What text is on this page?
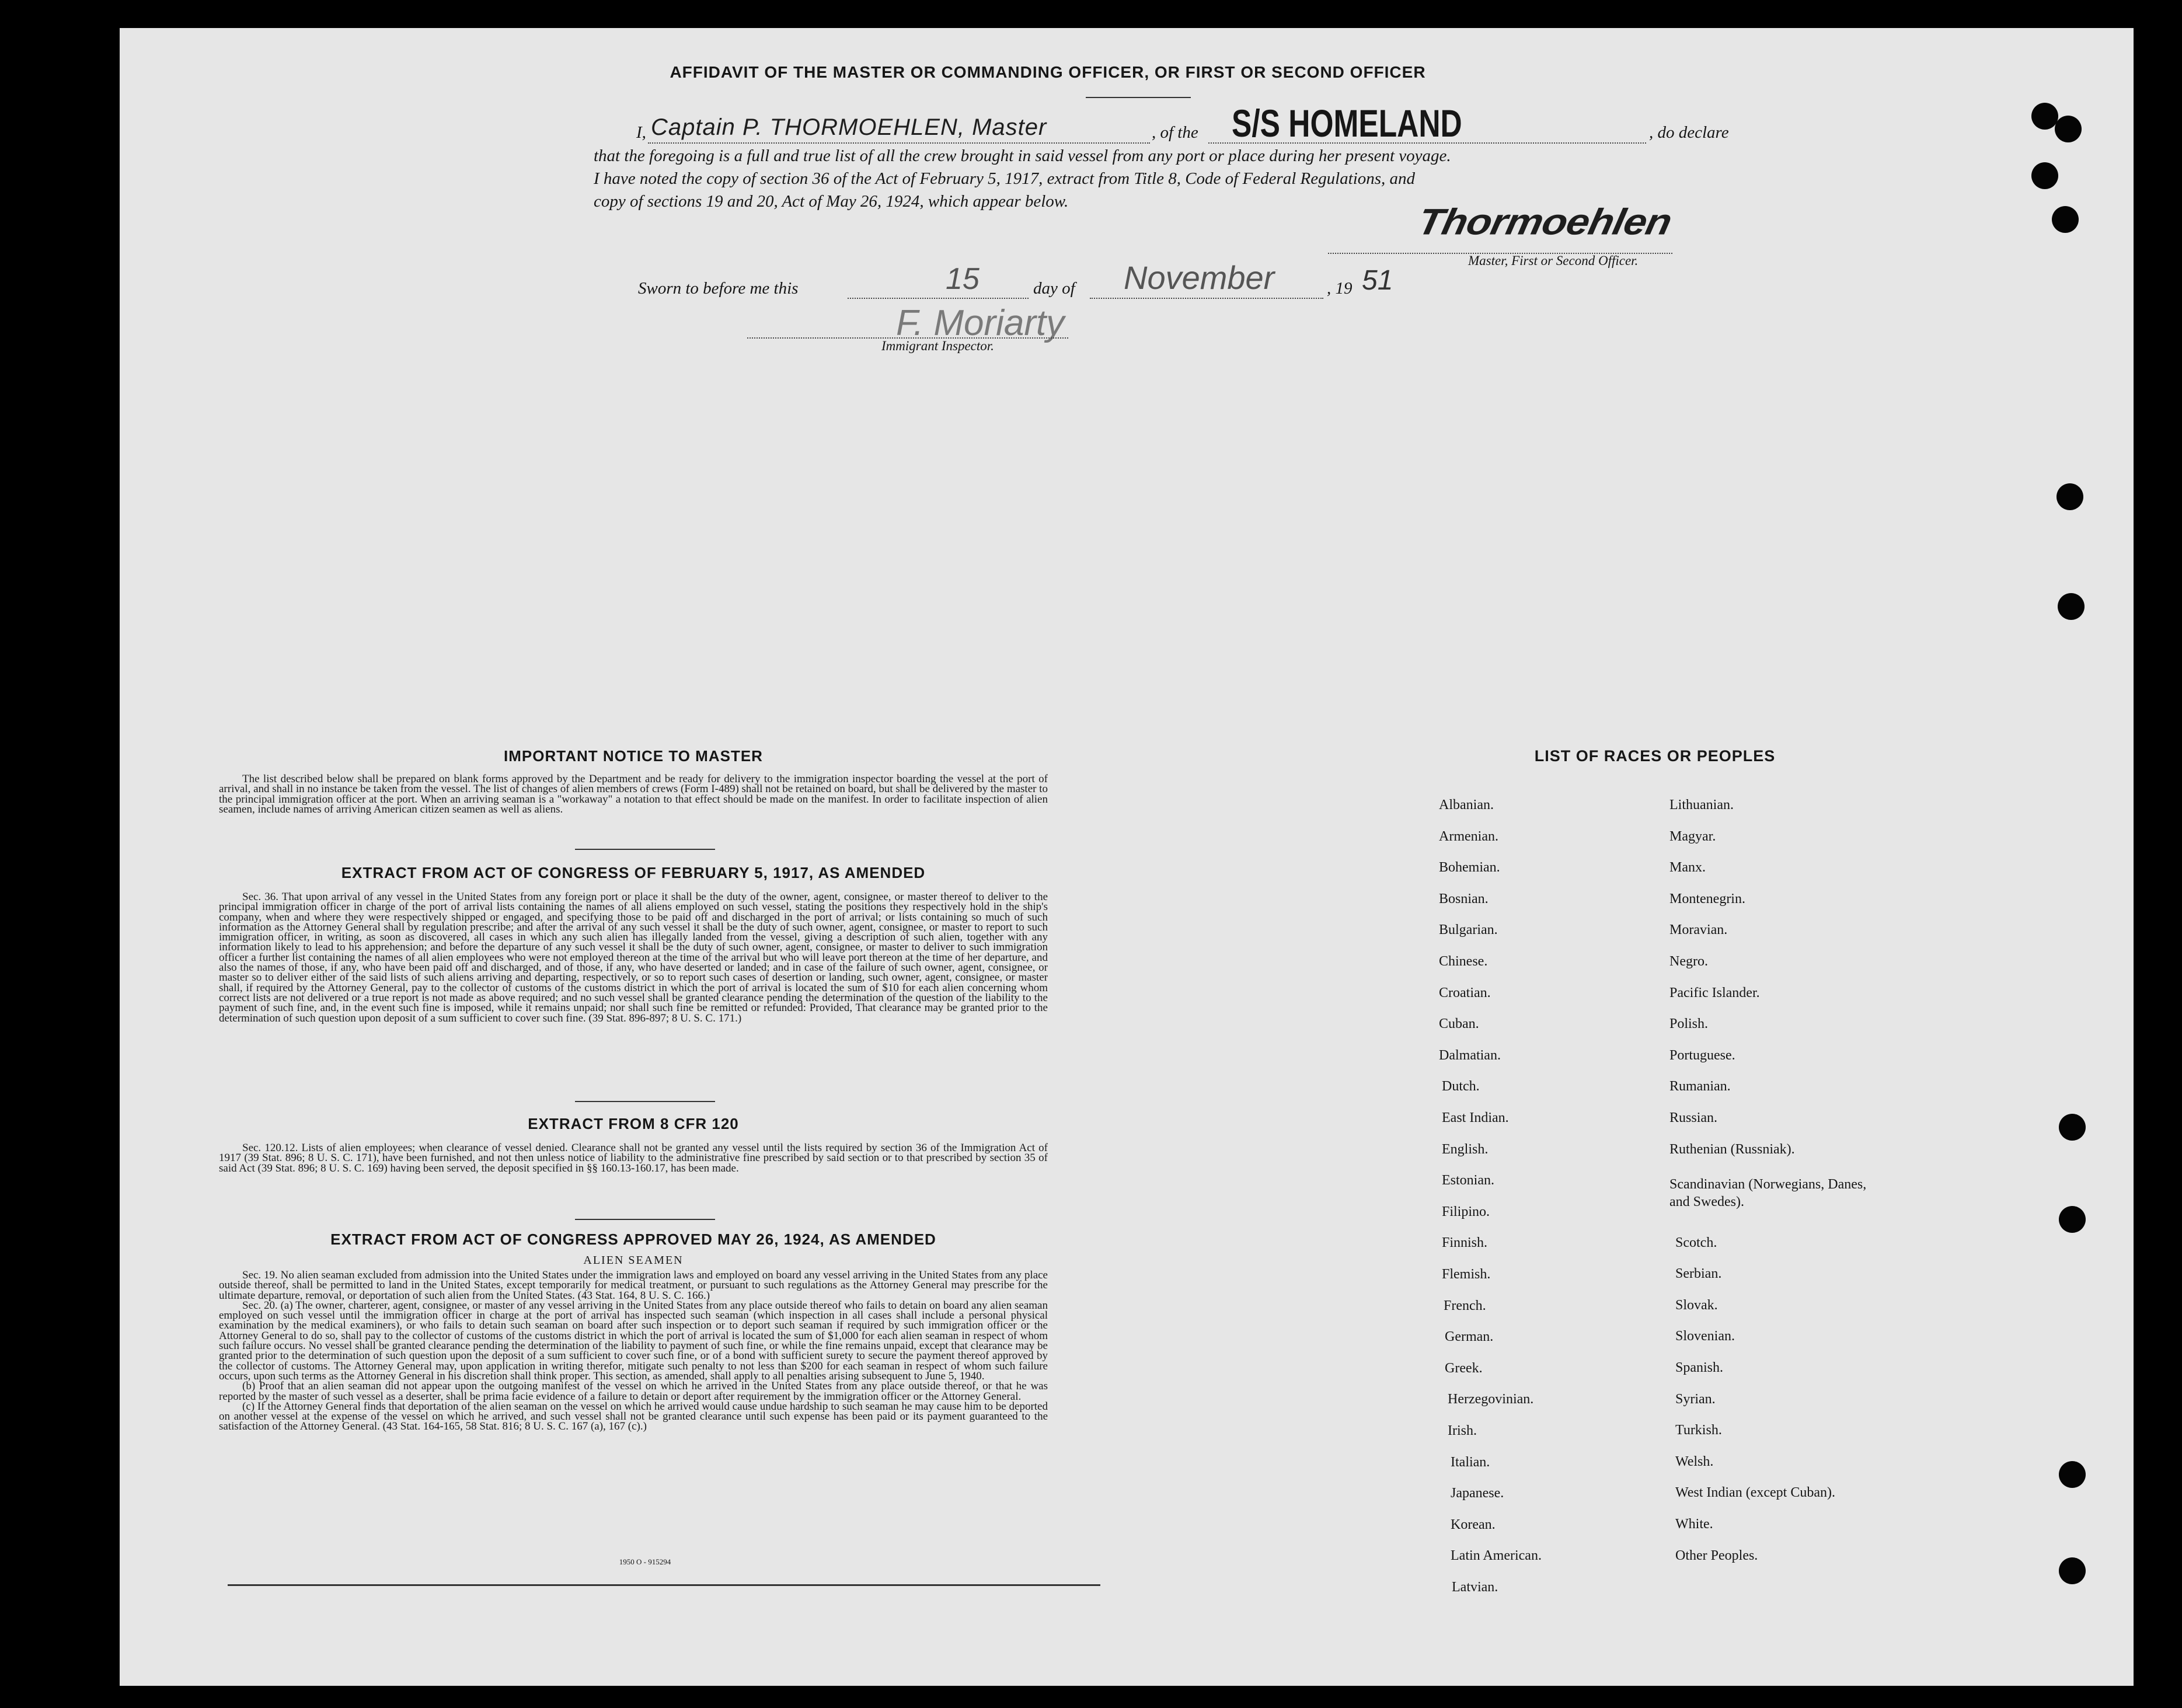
AFFIDAVIT OF THE MASTER OR COMMANDING OFFICER, OR FIRST OR SECOND OFFICER
I, Captain P. THORMOEHLEN, Master	, of the S/S HOMELAND	, do declare
that the foregoing is a full and true list of all the crew brought in said vessel from any port or place during her present voyage.
I have noted the copy of section 36 of the Act of February 5, 1917, extract from Title 8, Code of Federal Regulations, and
copy of sections 19 and 20, Act of May 26, 1924, which appear below.	Thormoehlen
Master, First or Second Officer.
Sworn to before me this	15	day of November	, 19 51
F. Moriarty
Immigrant Inspector.
IMPORTANT NOTICE TO MASTER

The list described below shall be prepared on blank forms approved by the Department and be ready for delivery to the immigration inspector boarding the vessel at the port of arrival, and shall in no instance be taken from the vessel. The list of changes of alien members of crews (Form I-489) shall not be retained on board, but shall be delivered by the master to the principal immigration officer at the port. When an arriving seaman is a "workaway" a notation to that effect should be made on the manifest. In order to facilitate inspection of alien seamen, include names of arriving American citizen seamen as well as aliens.

EXTRACT FROM ACT OF CONGRESS OF FEBRUARY 5, 1917, AS AMENDED

Sec. 36. That upon arrival of any vessel in the United States from any foreign port or place it shall be the duty of the owner, agent, consignee, or master thereof to deliver to the principal immigration officer in charge of the port of arrival lists containing the names of all aliens employed on such vessel, stating the positions they respectively hold in the ship's company, when and where they were respectively shipped or engaged, and specifying those to be paid off and discharged in the port of arrival; or lists containing so much of such information as the Attorney General shall by regulation prescribe; and after the arrival of any such vessel it shall be the duty of such owner, agent, consignee, or master to report to such immigration officer, in writing, as soon as discovered, all cases in which any such alien has illegally landed from the vessel, giving a description of such alien, together with any information likely to lead to his apprehension; and before the departure of any such vessel it shall be the duty of such owner, agent, consignee, or master to deliver to such immigration officer a further list containing the names of all alien employees who were not employed thereon at the time of the arrival but who will leave port thereon at the time of her departure, and also the names of those, if any, who have been paid off and discharged, and of those, if any, who have deserted or landed; and in case of the failure of such owner, agent, consignee, or master so to deliver either of the said lists of such aliens arriving and departing, respectively, or so to report such cases of desertion or landing, such owner, agent, consignee, or master shall, if required by the Attorney General, pay to the collector of customs of the customs district in which the port of arrival is located the sum of $10 for each alien concerning whom correct lists are not delivered or a true report is not made as above required; and no such vessel shall be granted clearance pending the determination of the question of the liability to the payment of such fine, and, in the event such fine is imposed, while it remains unpaid; nor shall such fine be remitted or refunded: Provided, That clearance may be granted prior to the determination of such question upon deposit of a sum sufficient to cover such fine. (39 Stat. 896-897; 8 U. S. C. 171.)

EXTRACT FROM 8 CFR 120

Sec. 120.12. Lists of alien employees; when clearance of vessel denied. Clearance shall not be granted any vessel until the lists required by section 36 of the Immigration Act of 1917 (39 Stat. 896; 8 U. S. C. 171), have been furnished, and not then unless notice of liability to the administrative fine prescribed by said section or to that prescribed by section 35 of said Act (39 Stat. 896; 8 U. S. C. 169) having been served, the deposit specified in §§ 160.13-160.17, has been made.

EXTRACT FROM ACT OF CONGRESS APPROVED MAY 26, 1924, AS AMENDED
ALIEN SEAMEN

Sec. 19. No alien seaman excluded from admission into the United States under the immigration laws and employed on board any vessel arriving in the United States from any place outside thereof, shall be permitted to land in the United States, except temporarily for medical treatment, or pursuant to such regulations as the Attorney General may prescribe for the ultimate departure, removal, or deportation of such alien from the United States. (43 Stat. 164, 8 U. S. C. 166.)

Sec. 20. (a) The owner, charterer, agent, consignee, or master of any vessel arriving in the United States from any place outside thereof who fails to detain on board any alien seaman employed on such vessel until the immigration officer in charge at the port of arrival has inspected such seaman (which inspection in all cases shall include a personal physical examination by the medical examiners), or who fails to detain such seaman on board after such inspection or to deport such seaman if required by such immigration officer or the Attorney General to do so, shall pay to the collector of customs of the customs district in which the port of arrival is located the sum of $1,000 for each alien seaman in respect of whom such failure occurs. No vessel shall be granted clearance pending the determination of the liability to payment of such fine, or while the fine remains unpaid, except that clearance may be granted prior to the determination of such question upon the deposit of a sum sufficient to cover such fine, or of a bond with sufficient surety to secure the payment thereof approved by the collector of customs. The Attorney General may, upon application in writing therefor, mitigate such penalty to not less than $200 for each seaman in respect of whom such failure occurs, upon such terms as the Attorney General in his discretion shall think proper. This section, as amended, shall apply to all penalties arising subsequent to June 5, 1940.

(b) Proof that an alien seaman did not appear upon the outgoing manifest of the vessel on which he arrived in the United States from any place outside thereof, or that he was reported by the master of such vessel as a deserter, shall be prima facie evidence of a failure to detain or deport after requirement by the immigration officer or the Attorney General.

(c) If the Attorney General finds that deportation of the alien seaman on the vessel on which he arrived would cause undue hardship to such seaman he may cause him to be deported on another vessel at the expense of the vessel on which he arrived, and such vessel shall not be granted clearance until such expense has been paid or its payment guaranteed to the satisfaction of the Attorney General. (43 Stat. 164-165, 58 Stat. 816; 8 U. S. C. 167 (a), 167 (c).)

1950 O - 915294
LIST OF RACES OR PEOPLES
Albanian.
Armenian.
Bohemian.
Bosnian.
Bulgarian.
Chinese.
Croatian.
Cuban.
Dalmatian.
Dutch.
East Indian.
English.
Estonian.
Filipino.
Finnish.
Flemish.
French.
German.
Greek.
Herzegovinian.
Irish.
Italian.
Japanese.
Korean.
Latin American.
Latvian.
Lithuanian.
Magyar.
Manx.
Montenegrin.
Moravian.
Negro.
Pacific Islander.
Polish.
Portuguese.
Rumanian.
Russian.
Ruthenian (Russniak).
Scandinavian (Norwegians, Danes, and Swedes).
Scotch.
Serbian.
Slovak.
Slovenian.
Spanish.
Syrian.
Turkish.
Welsh.
West Indian (except Cuban).
White.
Other Peoples.
